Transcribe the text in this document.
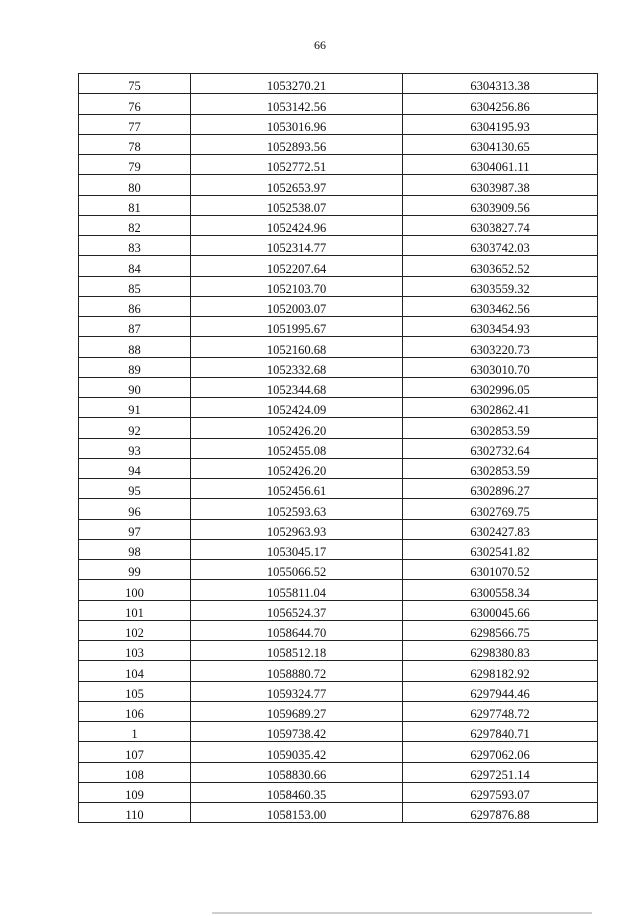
66
75	1053270.21	6304313.38
76	1053142.56	6304256.86
77	1053016.96	6304195.93
78	1052893.56	6304130.65
79	1052772.51	6304061.11
80	1052653.97	6303987.38
81	1052538.07	6303909.56
82	1052424.96	6303827.74
83	1052314.77	6303742.03
84	1052207.64	6303652.52
85	1052103.70	6303559.32
86	1052003.07	6303462.56
87	1051995.67	6303454.93
88	1052160.68	6303220.73
89	1052332.68	6303010.70
90	1052344.68	6302996.05
91	1052424.09	6302862.41
92	1052426.20	6302853.59
93	1052455.08	6302732.64
94	1052426.20	6302853.59
95	1052456.61	6302896.27
96	1052593.63	6302769.75
97	1052963.93	6302427.83
98	1053045.17	6302541.82
99	1055066.52	6301070.52
100	1055811.04	6300558.34
101	1056524.37	6300045.66
102	1058644.70	6298566.75
103	1058512.18	6298380.83
104	1058880.72	6298182.92
105	1059324.77	6297944.46
106	1059689.27	6297748.72
1	1059738.42	6297840.71
107	1059035.42	6297062.06
108	1058830.66	6297251.14
109	1058460.35	6297593.07
110	1058153.00	6297876.88
